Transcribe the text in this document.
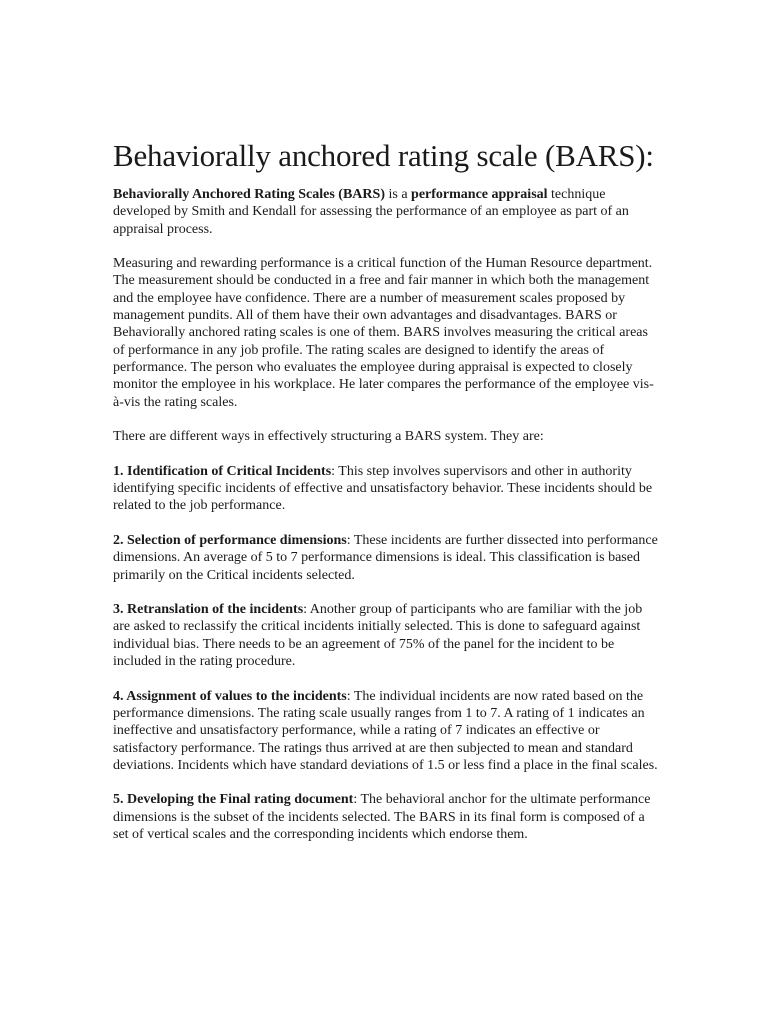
Behaviorally anchored rating scale (BARS):

Behaviorally Anchored Rating Scales (BARS) is a performance appraisal technique developed by Smith and Kendall for assessing the performance of an employee as part of an appraisal process.

Measuring and rewarding performance is a critical function of the Human Resource department. The measurement should be conducted in a free and fair manner in which both the management and the employee have confidence. There are a number of measurement scales proposed by management pundits. All of them have their own advantages and disadvantages. BARS or Behaviorally anchored rating scales is one of them. BARS involves measuring the critical areas of performance in any job profile. The rating scales are designed to identify the areas of performance. The person who evaluates the employee during appraisal is expected to closely monitor the employee in his workplace. He later compares the performance of the employee vis-à-vis the rating scales.

There are different ways in effectively structuring a BARS system. They are:

1. Identification of Critical Incidents: This step involves supervisors and other in authority identifying specific incidents of effective and unsatisfactory behavior. These incidents should be related to the job performance.

2. Selection of performance dimensions: These incidents are further dissected into performance dimensions. An average of 5 to 7 performance dimensions is ideal. This classification is based primarily on the Critical incidents selected.

3. Retranslation of the incidents: Another group of participants who are familiar with the job are asked to reclassify the critical incidents initially selected. This is done to safeguard against individual bias. There needs to be an agreement of 75% of the panel for the incident to be included in the rating procedure.

4. Assignment of values to the incidents: The individual incidents are now rated based on the performance dimensions. The rating scale usually ranges from 1 to 7. A rating of 1 indicates an ineffective and unsatisfactory performance, while a rating of 7 indicates an effective or satisfactory performance. The ratings thus arrived at are then subjected to mean and standard deviations. Incidents which have standard deviations of 1.5 or less find a place in the final scales.

5. Developing the Final rating document: The behavioral anchor for the ultimate performance dimensions is the subset of the incidents selected. The BARS in its final form is composed of a set of vertical scales and the corresponding incidents which endorse them.
